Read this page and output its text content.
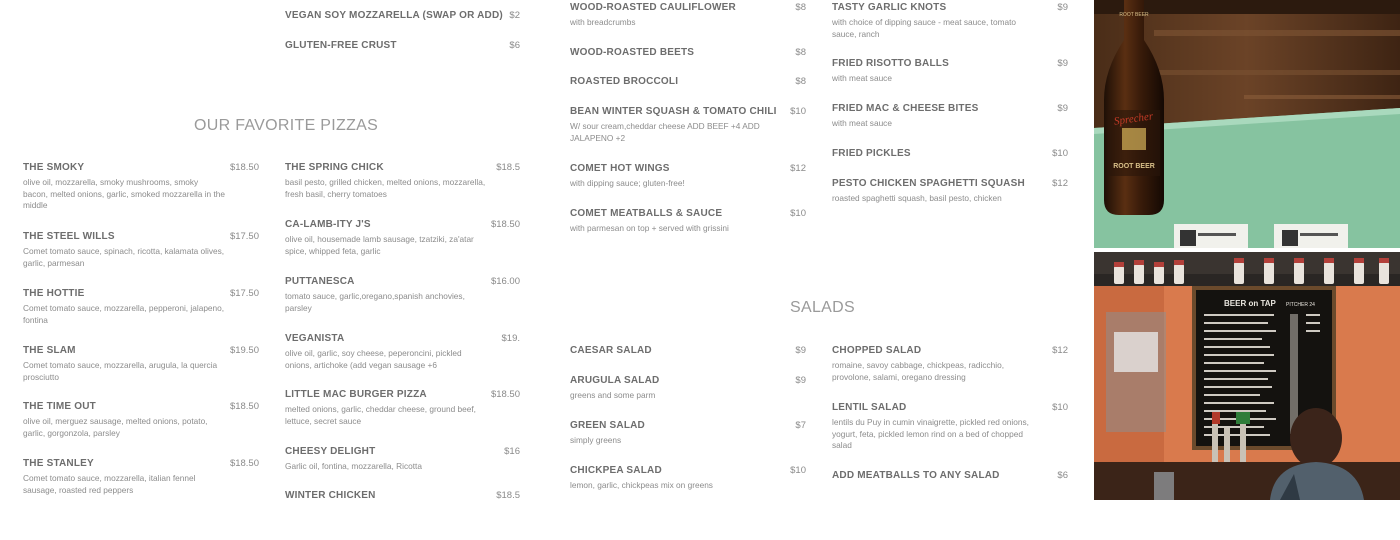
OUR FAVORITE PIZZAS
SALADS
VEGAN SOY MOZZARELLA (SWAP OR ADD) $2
GLUTEN-FREE CRUST	$6
THE SMOKY	$18.50
olive oil, mozzarella, smoky mushrooms, smoky bacon, melted onions, garlic, smoked mozzarella in the middle
THE STEEL WILLS	$17.50
Comet tomato sauce, spinach, ricotta, kalamata olives, garlic, parmesan
THE HOTTIE	$17.50
Comet tomato sauce, mozzarella, pepperoni, jalapeno, fontina
THE SLAM	$19.50
Comet tomato sauce, mozzarella, arugula, la quercia prosciutto
THE TIME OUT	$18.50
olive oil, merguez sausage, melted onions, potato, garlic, gorgonzola, parsley
THE STANLEY	$18.50
Comet tomato sauce, mozzarella, italian fennel sausage, roasted red peppers
THE SPRING CHICK	$18.5
basil pesto, grilled chicken, melted onions, mozzarella, fresh basil, cherry tomatoes
CA-LAMB-ITY J'S	$18.50
olive oil, housemade lamb sausage, tzatziki, za'atar spice, whipped feta, garlic
PUTTANESCA	$16.00
tomato sauce, garlic,oregano,spanish anchovies, parsley
VEGANISTA	$19.
olive oil, garlic, soy cheese, peperoncini, pickled onions, artichoke (add vegan sausage +6
LITTLE MAC BURGER PIZZA	$18.50
melted onions, garlic, cheddar cheese, ground beef, lettuce, secret sauce
CHEESY DELIGHT	$16
Garlic oil, fontina, mozzarella, Ricotta
WINTER CHICKEN	$18.5
WOOD-ROASTED CAULIFLOWER	$8
with breadcrumbs
WOOD-ROASTED BEETS	$8
ROASTED BROCCOLI	$8
BEAN WINTER SQUASH & TOMATO CHILI $10
W/ sour cream,cheddar cheese ADD BEEF +4 ADD JALAPENO +2
COMET HOT WINGS	$12
with dipping sauce; gluten-free!
COMET MEATBALLS & SAUCE	$10
with parmesan on top + served with grissini
TASTY GARLIC KNOTS	$9
with choice of dipping sauce - meat sauce, tomato sauce, ranch
FRIED RISOTTO BALLS	$9
with meat sauce
FRIED MAC & CHEESE BITES	$9
with meat sauce
FRIED PICKLES	$10
PESTO CHICKEN SPAGHETTI SQUASH	$12
roasted spaghetti squash, basil pesto, chicken
CAESAR SALAD	$9
ARUGULA SALAD	$9
greens and some parm
GREEN SALAD	$7
simply greens
CHICKPEA SALAD	$10
lemon, garlic, chickpeas mix on greens
CHOPPED SALAD	$12
romaine, savoy cabbage, chickpeas, radicchio, provolone, salami, oregano dressing
LENTIL SALAD	$10
lentils du Puy in cumin vinaigrette, pickled red onions, yogurt, feta, pickled lemon rind on a bed of chopped salad
ADD MEATBALLS TO ANY SALAD	$6
Sprecher
ROOT BEER
ROOT BEER
BEER on TAP PITCHER 24
